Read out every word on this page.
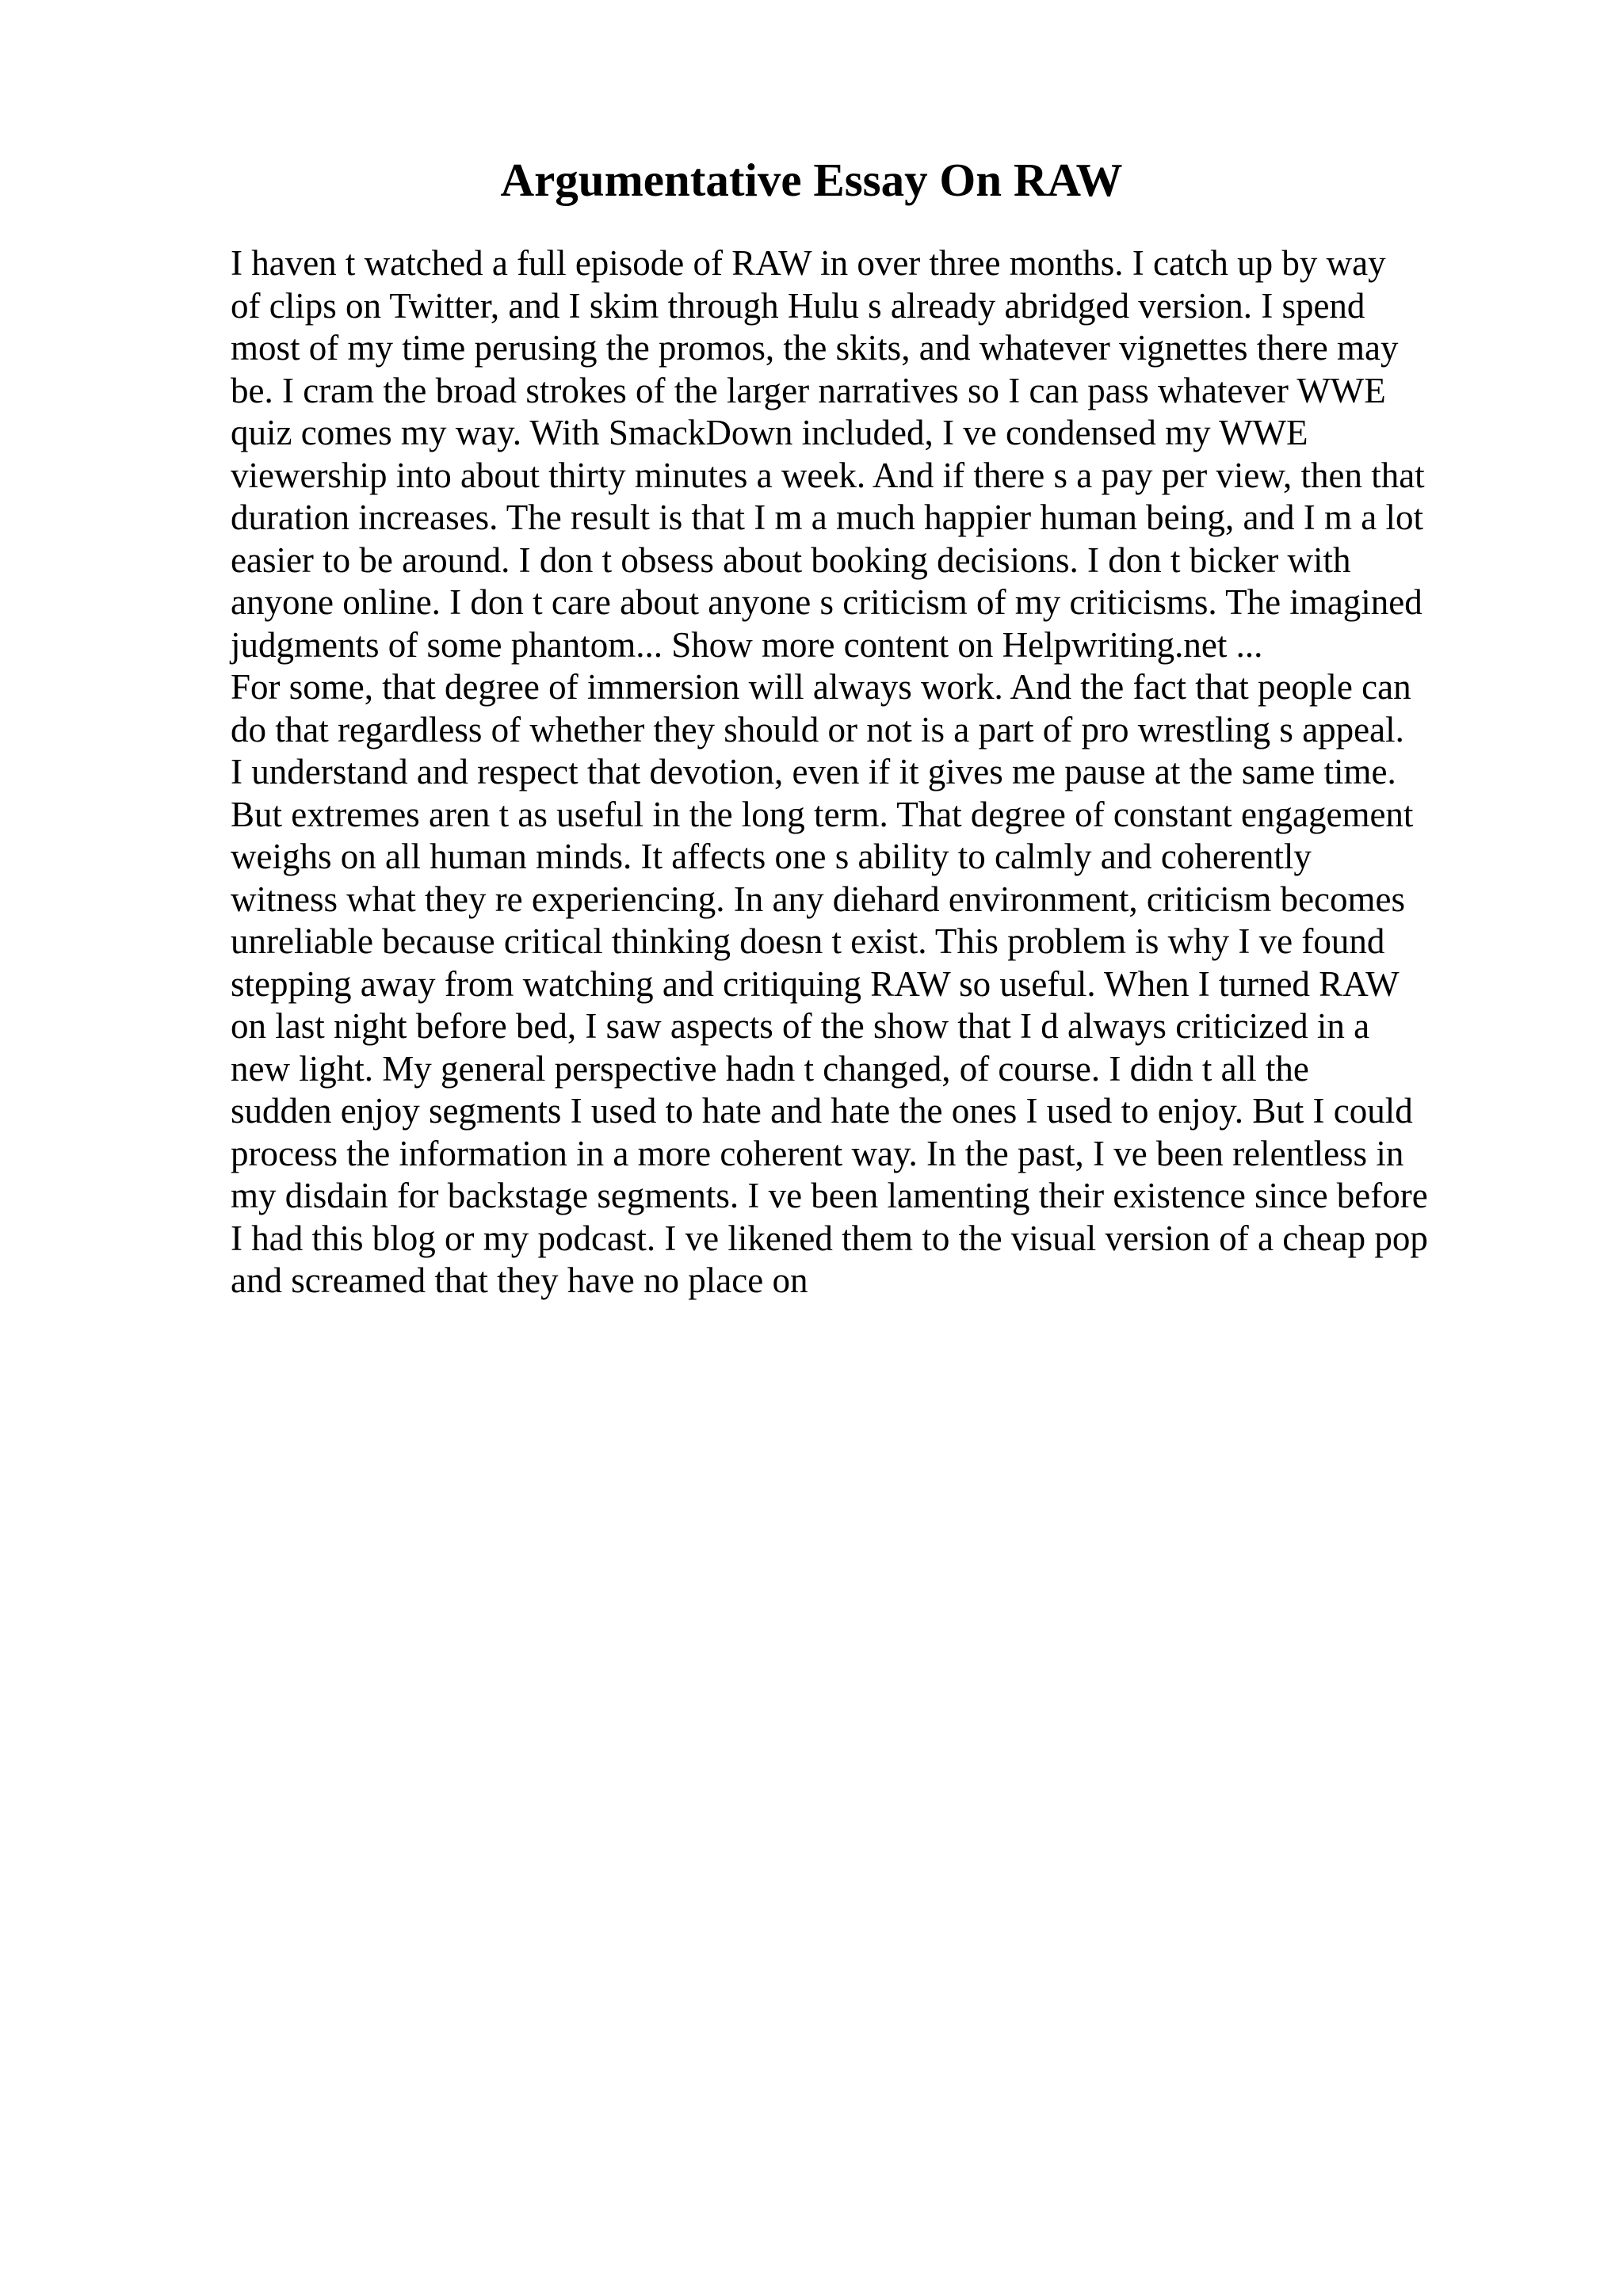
Argumentative Essay On RAW
I haven t watched a full episode of RAW in over three months. I catch up by way
of clips on Twitter, and I skim through Hulu s already abridged version. I spend
most of my time perusing the promos, the skits, and whatever vignettes there may
be. I cram the broad strokes of the larger narratives so I can pass whatever WWE
quiz comes my way. With SmackDown included, I ve condensed my WWE
viewership into about thirty minutes a week. And if there s a pay per view, then that
duration increases. The result is that I m a much happier human being, and I m a lot
easier to be around. I don t obsess about booking decisions. I don t bicker with
anyone online. I don t care about anyone s criticism of my criticisms. The imagined
judgments of some phantom... Show more content on Helpwriting.net ...
For some, that degree of immersion will always work. And the fact that people can
do that regardless of whether they should or not is a part of pro wrestling s appeal.
I understand and respect that devotion, even if it gives me pause at the same time.
But extremes aren t as useful in the long term. That degree of constant engagement
weighs on all human minds. It affects one s ability to calmly and coherently
witness what they re experiencing. In any diehard environment, criticism becomes
unreliable because critical thinking doesn t exist. This problem is why I ve found
stepping away from watching and critiquing RAW so useful. When I turned RAW
on last night before bed, I saw aspects of the show that I d always criticized in a
new light. My general perspective hadn t changed, of course. I didn t all the
sudden enjoy segments I used to hate and hate the ones I used to enjoy. But I could
process the information in a more coherent way. In the past, I ve been relentless in
my disdain for backstage segments. I ve been lamenting their existence since before
I had this blog or my podcast. I ve likened them to the visual version of a cheap pop
and screamed that they have no place on
